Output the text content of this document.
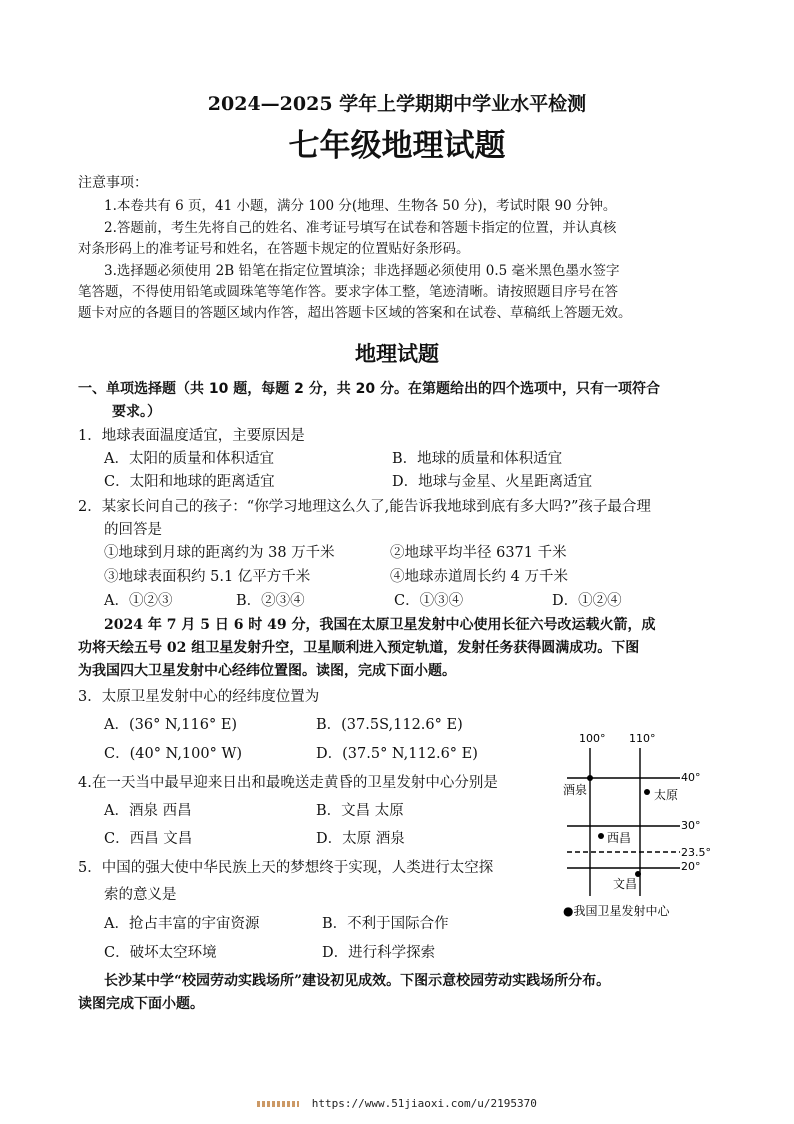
2024—2025 学年上学期期中学业水平检测
七年级地理试题
注意事项：
1.本卷共有 6 页，41 小题，满分 100 分(地理、生物各 50 分)，考试时限 90 分钟。
2.答题前，考生先将自己的姓名、准考证号填写在试卷和答题卡指定的位置，并认真核
对条形码上的准考证号和姓名，在答题卡规定的位置贴好条形码。
3.选择题必须使用 2B 铅笔在指定位置填涂；非选择题必须使用 0.5 毫米黑色墨水签字
笔答题，不得使用铅笔或圆珠笔等笔作答。要求字体工整，笔迹清晰。请按照题目序号在答
题卡对应的各题目的答题区域内作答，超出答题卡区域的答案和在试卷、草稿纸上答题无效。
地理试题
一、单项选择题（共 10 题，每题 2 分，共 20 分。在第题给出的四个选项中，只有一项符合
要求。）
1．地球表面温度适宜，主要原因是
A．太阳的质量和体积适宜	B．地球的质量和体积适宜
C．太阳和地球的距离适宜	D．地球与金星、火星距离适宜
2．某家长问自己的孩子：“你学习地理这么久了,能告诉我地球到底有多大吗?”孩子最合理
的回答是
①地球到月球的距离约为 38 万千米	②地球平均半径 6371 千米
③地球表面积约 5.1 亿平方千米	④地球赤道周长约 4 万千米
A．①②③	B．②③④	C．①③④	D．①②④
2024 年 7 月 5 日 6 时 49 分，我国在太原卫星发射中心使用长征六号改运载火箭，成
功将天绘五号 02 组卫星发射升空，卫星顺利进入预定轨道，发射任务获得圆满成功。下图
为我国四大卫星发射中心经纬位置图。读图，完成下面小题。
3．太原卫星发射中心的经纬度位置为
A．(36° N,116° E)	B．(37.5S,112.6° E)
C．(40° N,100° W)	D．(37.5° N,112.6° E)
4.在一天当中最早迎来日出和最晚送走黄昏的卫星发射中心分别是
A．酒泉 西昌	B．文昌 太原
C．西昌 文昌	D．太原 酒泉
5．中国的强大使中华民族上天的梦想终于实现，人类进行太空探
索的意义是
A．抢占丰富的宇宙资源	B．不利于国际合作
C．破坏太空环境	D．进行科学探索
100° 110°
40°
30°
23.5°
20°
酒泉	太原
西昌
文昌
●我国卫星发射中心
长沙某中学“校园劳动实践场所”建设初见成效。下图示意校园劳动实践场所分布。
读图完成下面小题。
https://www.51jiaoxi.com/u/2195370
